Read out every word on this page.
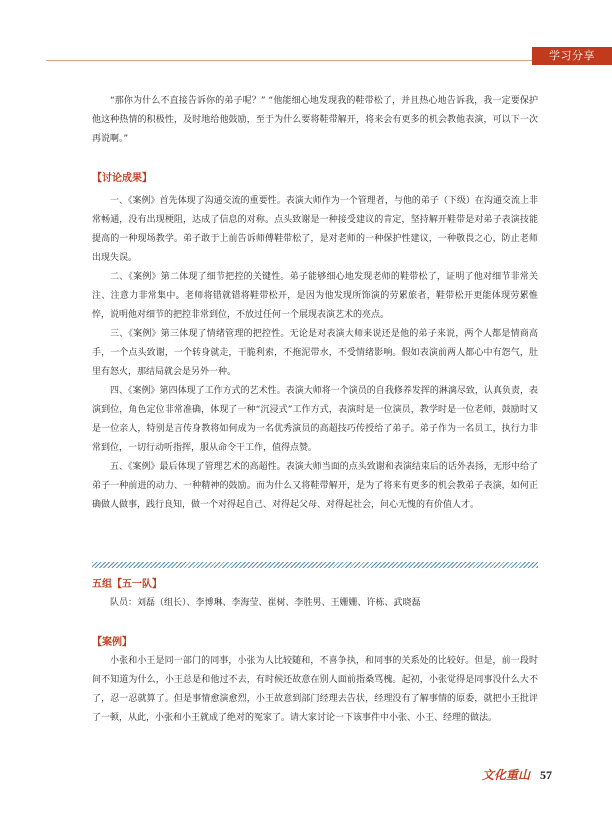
学习分享

“那你为什么不直接告诉你的弟子呢？” “他能细心地发现我的鞋带松了，并且热心地告诉我，我一定要保护他这种热情的积极性，及时地给他鼓励，至于为什么要将鞋带解开，将来会有更多的机会教他表演，可以下一次再说啊。”

【讨论成果】

一、《案例》首先体现了沟通交流的重要性。表演大师作为一个管理者，与他的弟子（下级）在沟通交流上非常畅通，没有出现梗阻，达成了信息的对称。点头致谢是一种接受建议的肯定，坚持解开鞋带是对弟子表演技能提高的一种现场教学。弟子敢于上前告诉师傅鞋带松了，是对老师的一种保护性建议，一种敬畏之心，防止老师出现失误。

二、《案例》第二体现了细节把控的关键性。弟子能够细心地发现老师的鞋带松了，证明了他对细节非常关注、注意力非常集中。老师将错就错将鞋带松开，是因为他发现所饰演的劳累旅者，鞋带松开更能体现劳累惟悴，说明他对细节的把控非常到位，不放过任何一个展现表演艺术的亮点。

三、《案例》第三体现了情绪管理的把控性。无论是对表演大师来说还是他的弟子来说，两个人都是情商高手，一个点头致谢，一个转身就走，干脆利索，不拖泥带水，不受情绪影响。假如表演前两人都心中有怨气，肚里有怒火，那结局就会是另外一种。

四、《案例》第四体现了工作方式的艺术性。表演大师将一个演员的自我修养发挥的淋漓尽致，认真负责，表演到位，角色定位非常准确，体现了一种“沉浸式”工作方式，表演时是一位演员，教学时是一位老师，鼓励时又是一位亲人，特别是言传身教将如何成为一名优秀演员的高超技巧传授给了弟子。弟子作为一名员工，执行力非常到位，一切行动听指挥，服从命令干工作，值得点赞。

五、《案例》最后体现了管理艺术的高超性。表演大师当面的点头致谢和表演结束后的话外表扬，无形中给了弟子一种前进的动力、一种精神的鼓励。而为什么又将鞋带解开，是为了将来有更多的机会教弟子表演，如何正确做人做事，践行良知，做一个对得起自己、对得起父母、对得起社会，问心无愧的有价值人才。

五组【五一队】

队员：刘磊（组长）、李博琳、李海莹、崔树、李胜男、王姗姗、许栋、武晓磊

【案例】

小张和小王是同一部门的同事，小张为人比较随和，不喜争执，和同事的关系处的比较好。但是，前一段时间不知道为什么，小王总是和他过不去，有时候还故意在别人面前指桑骂槐。起初，小张觉得是同事没什么大不了，忍一忍就算了。但是事情愈演愈烈，小王故意到部门经理去告状，经理没有了解事情的原委，就把小王批评了一顿，从此，小张和小王就成了绝对的冤家了。请大家讨论一下该事件中小张、小王、经理的做法。

文化重山 57
